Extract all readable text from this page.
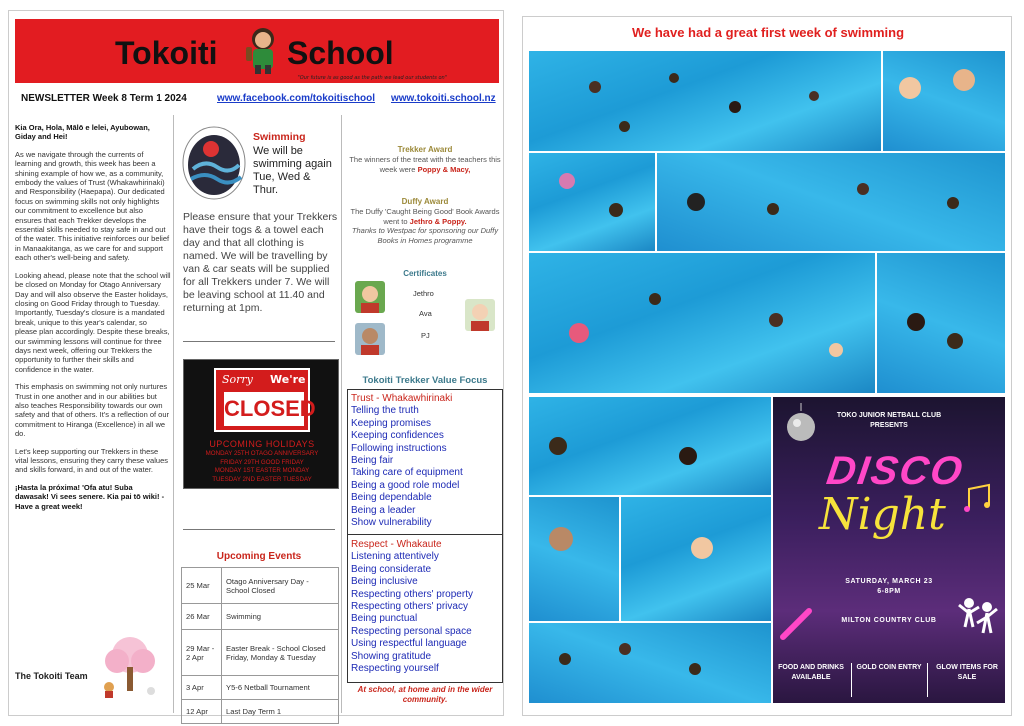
Tokoiti School
"Our future is as good as the path we lead our students on"
NEWSLETTER Week 8 Term 1 2024	www.facebook.com/tokoitischool www.tokoiti.school.nz

Kia Ora, Hola, Mālō e lelei, Ayubowan, Giday and Hei!

As we navigate through the currents of learning and growth, this week has been a shining example of how we, as a community, embody the values of Trust (Whakawhirinaki) and Responsibility (Haepapa). Our dedicated focus on swimming skills not only highlights our commitment to excellence but also ensures that each Trekker develops the essential skills needed to stay safe in and out of the water. This initiative reinforces our belief in Manaakitanga, as we care for and support each other's well-being and safety.

Looking ahead, please note that the school will be closed on Monday for Otago Anniversary Day and will also observe the Easter holidays, closing on Good Friday through to Tuesday. Importantly, Tuesday's closure is a mandated break, unique to this year's calendar, so please plan accordingly. Despite these breaks, our swimming lessons will continue for three days next week, offering our Trekkers the opportunity to further their skills and confidence in the water.

This emphasis on swimming not only nurtures Trust in one another and in our abilities but also teaches Responsibility towards our own safety and that of others. It's a reflection of our commitment to Hiranga (Excellence) in all we do.

Let's keep supporting our Trekkers in these vital lessons, ensuring they carry these values and skills forward, in and out of the water.

¡Hasta la próxima! 'Ofa atu! Suba dawasak! Vi sees senere. Kia pai tō wiki! - Have a great week!

The Tokoiti Team
Swimming
We will be swimming again Tue, Wed & Thur.
Please ensure that your Trekkers have their togs & a towel each day and that all clothing is named. We will be travelling by van & car seats will be supplied for all Trekkers under 7. We will be leaving school at 11.40 and returning at 1pm.
Sorry We're
CLOSED
UPCOMING HOLIDAYS
MONDAY 25TH OTAGO ANNIVERSARY
FRIDAY 29TH GOOD FRIDAY
MONDAY 1ST EASTER MONDAY
TUESDAY 2ND EASTER TUESDAY
Upcoming Events
25 Mar	Otago Anniversary Day - School Closed
26 Mar	Swimming
29 Mar - 2 Apr	Easter Break - School Closed Friday, Monday & Tuesday
3 Apr	Y5-6 Netball Tournament
12 Apr	Last Day Term 1
Trekker Award
The winners of the treat with the teachers this week were Poppy & Macy,
Duffy Award
The Duffy 'Caught Being Good' Book Awards went to Jethro & Poppy.
Thanks to Westpac for sponsoring our Duffy Books in Homes programme
Certificates
Jethro
Ava
PJ
Tokoiti Trekker Value Focus
Trust - Whakawhirinaki
Telling the truth
Keeping promises
Keeping confidences
Following instructions
Being fair
Taking care of equipment
Being a good role model
Being dependable
Being a leader
Show vulnerability
Respect - Whakaute
Listening attentively
Being considerate
Being inclusive
Respecting others' property
Respecting others' privacy
Being punctual
Respecting personal space
Using respectful language
Showing gratitude
Respecting yourself
At school, at home and in the wider community.
We have had a great first week of swimming
TOKO JUNIOR NETBALL CLUB
PRESENTS
DISCO
Night
SATURDAY, MARCH 23
6-8PM
MILTON COUNTRY CLUB
FOOD AND DRINKS AVAILABLE
GOLD COIN ENTRY	GLOW ITEMS FOR SALE
